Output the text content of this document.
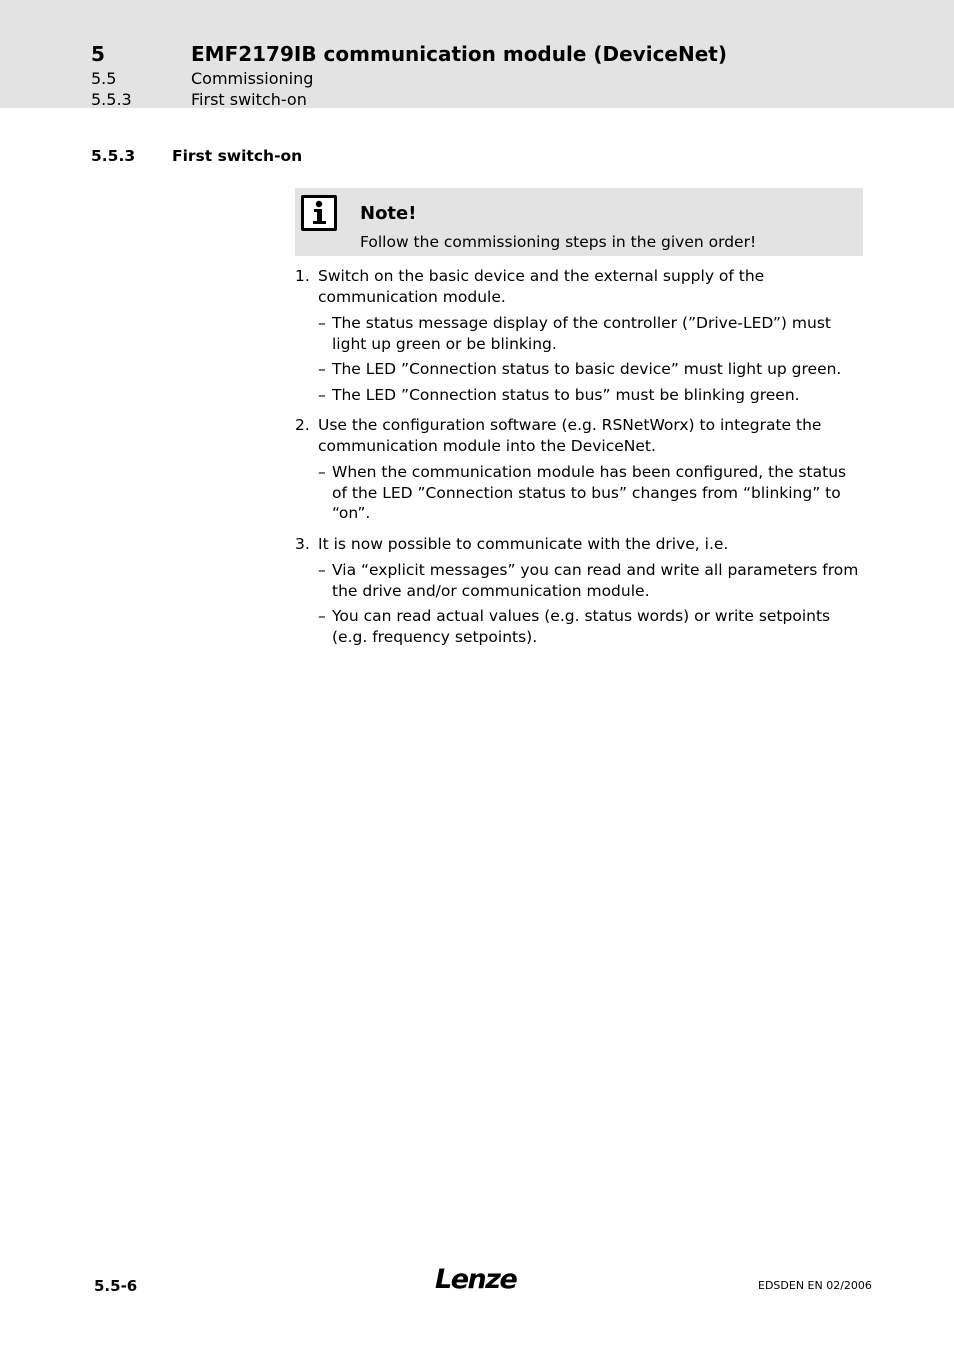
5	EMF2179IB communication module (DeviceNet)
5.5	Commissioning
5.5.3	First switch-on
5.5.3 First switch-on
Note!
Follow the commissioning steps in the given order!
1. Switch on the basic device and the external supply of the communication module.
– The status message display of the controller (”Drive-LED”) must light up green or be blinking.
– The LED ”Connection status to basic device” must light up green.
– The LED ”Connection status to bus” must be blinking green.
2. Use the configuration software (e.g. RSNetWorx) to integrate the communication module into the DeviceNet.
– When the communication module has been configured, the status of the LED ”Connection status to bus” changes from “blinking” to “on”.
3. It is now possible to communicate with the drive, i.e.
– Via “explicit messages” you can read and write all parameters from the drive and/or communication module.
– You can read actual values (e.g. status words) or write setpoints (e.g. frequency setpoints).
5.5-6	Lenze	EDSDEN EN 02/2006
